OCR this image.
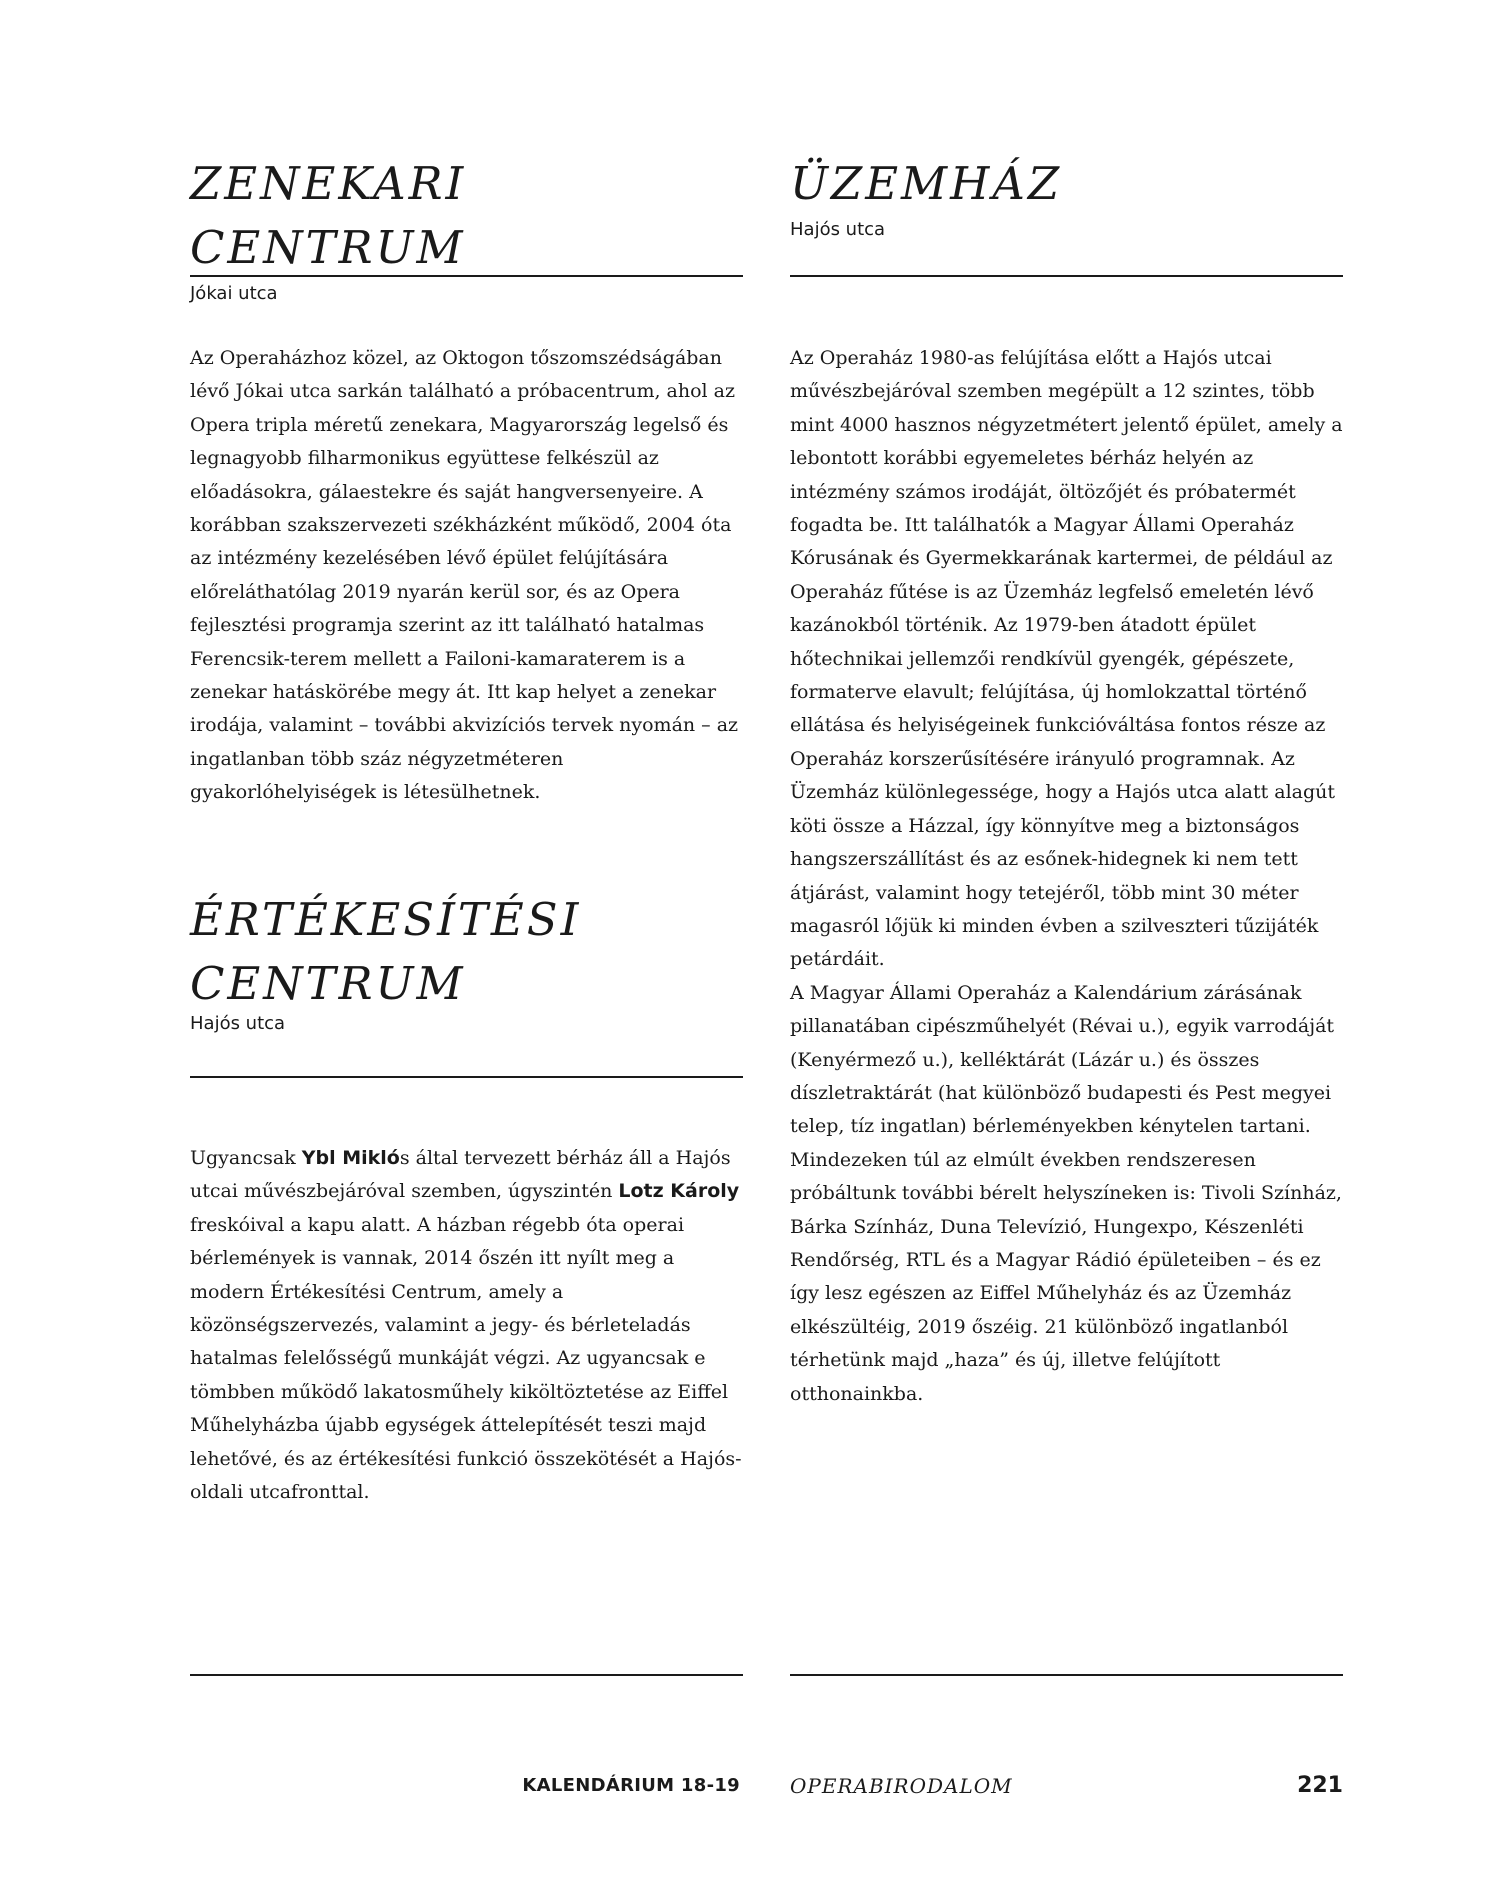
ZENEKARI CENTRUM

Jókai utca

Az Operaházhoz közel, az Oktogon tőszomszédságában lévő Jókai utca sarkán található a próbacentrum, ahol az Opera tripla méretű zenekara, Magyarország legelső és legnagyobb filharmonikus együttese felkészül az előadásokra, gálaestekre és saját hangversenyeire. A korábban szakszervezeti székházként működő, 2004 óta az intézmény kezelésében lévő épület felújítására előreláthatólag 2019 nyarán kerül sor, és az Opera fejlesztési programja szerint az itt található hatalmas Ferencsik-terem mellett a Failoni-kamaraterem is a zenekar hatáskörébe megy át. Itt kap helyet a zenekar irodája, valamint – további akvizíciós tervek nyomán – az ingatlanban több száz négyzetméteren gyakorlóhelyiségek is létesülhetnek.

ÉRTÉKESÍTÉSI
CENTRUM

Hajós utca

Ugyancsak Ybl Miklós által tervezett bérház áll a Hajós utcai művészbejáróval szemben, úgyszintén Lotz Károly freskóival a kapu alatt. A házban régebb óta operai bérlemények is vannak, 2014 őszén itt nyílt meg a modern Értékesítési Centrum, amely a közönségszervezés, valamint a jegy- és bérleteladás hatalmas felelősségű munkáját végzi. Az ugyancsak e tömbben működő lakatosműhely kiköltöztetése az Eiffel Műhelyházba újabb egységek áttelepítését teszi majd lehetővé, és az értékesítési funkció összekötését a Hajós-oldali utcafronttal.

ÜZEMHÁZ

Hajós utca

Az Operaház 1980-as felújítása előtt a Hajós utcai művészbejáróval szemben megépült a 12 szintes, több mint 4000 hasznos négyzetmétert jelentő épület, amely a lebontott korábbi egyemeletes bérház helyén az intézmény számos irodáját, öltözőjét és próbatermét fogadta be. Itt találhatók a Magyar Állami Operaház Kórusának és Gyermekkarának kartermei, de például az Operaház fűtése is az Üzemház legfelső emeletén lévő kazánokból történik. Az 1979-ben átadott épület hőtechnikai jellemzői rendkívül gyengék, gépészete, formaterve elavult; felújítása, új homlokzattal történő ellátása és helyiségeinek funkcióváltása fontos része az Operaház korszerűsítésére irányuló programnak. Az Üzemház különlegessége, hogy a Hajós utca alatt alagút köti össze a Házzal, így könnyítve meg a biztonságos hangszerszállítást és az esőnek-hidegnek ki nem tett átjárást, valamint hogy tetejéről, több mint 30 méter magasról lőjük ki minden évben a szilveszteri tűzijáték petárdáit.

A Magyar Állami Operaház a Kalendárium zárásának pillanatában cipészműhelyét (Révai u.), egyik varrodáját (Kenyérmező u.), kelléktárát (Lázár u.) és összes díszletraktárát (hat különböző budapesti és Pest megyei telep, tíz ingatlan) bérleményekben kénytelen tartani. Mindezeken túl az elmúlt években rendszeresen próbáltunk további bérelt helyszíneken is: Tivoli Színház, Bárka Színház, Duna Televízió, Hungexpo, Készenléti Rendőrség, RTL és a Magyar Rádió épületeiben – és ez így lesz egészen az Eiffel Műhelyház és az Üzemház elkészültéig, 2019 őszéig. 21 különböző ingatlanból térhetünk majd „haza” és új, illetve felújított otthonainkba.

KALENDÁRIUM 18-19	OPERABIRODALOM	221
